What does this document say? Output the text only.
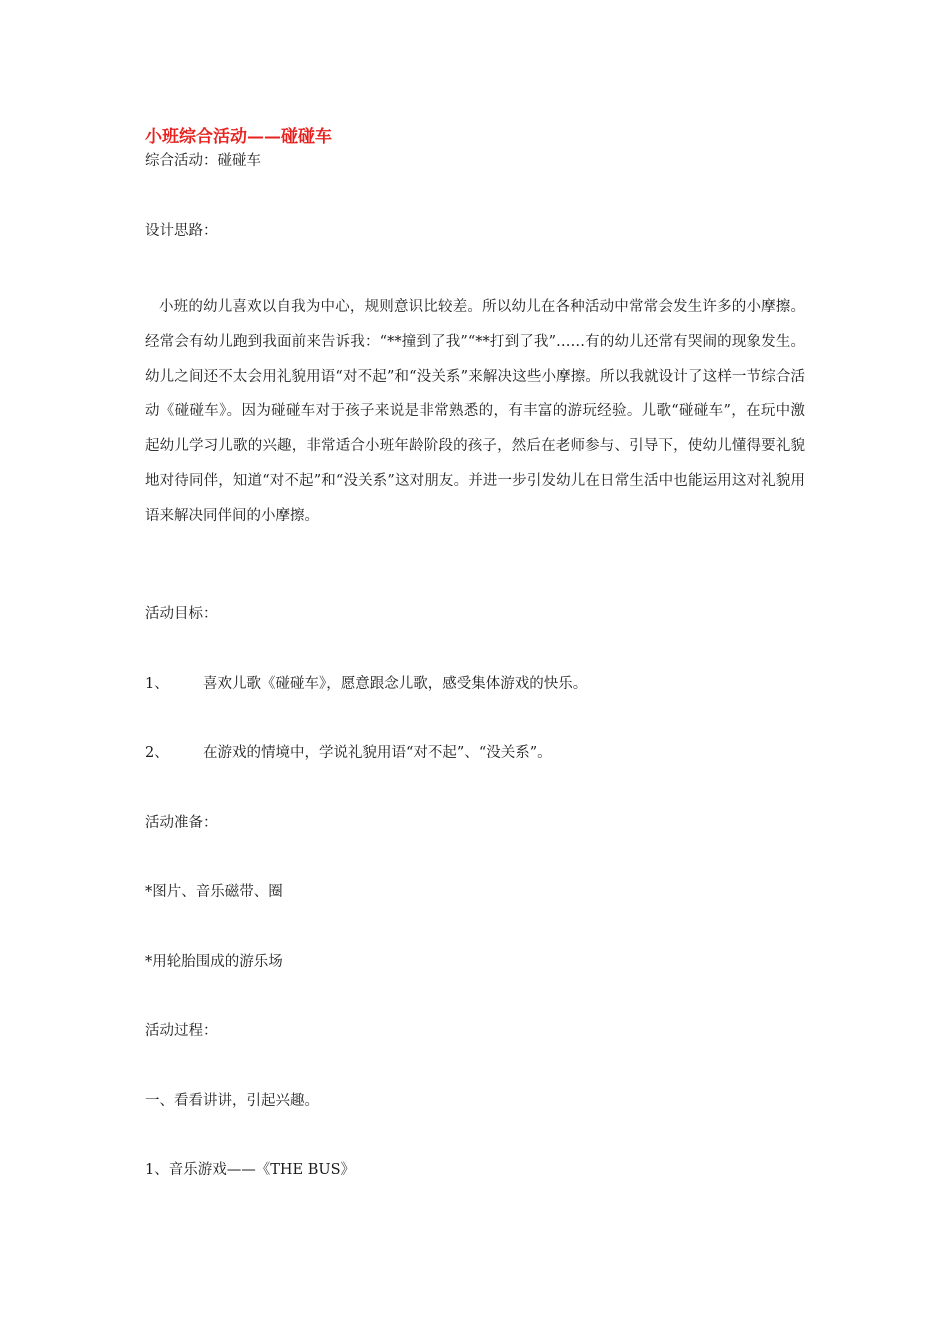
小班综合活动——碰碰车

综合活动：碰碰车

设计思路：

小班的幼儿喜欢以自我为中心，规则意识比较差。所以幼儿在各种活动中常常会发生许多的小摩擦。经常会有幼儿跑到我面前来告诉我：“**撞到了我”“**打到了我”……有的幼儿还常有哭闹的现象发生。幼儿之间还不太会用礼貌用语“对不起”和“没关系”来解决这些小摩擦。所以我就设计了这样一节综合活动《碰碰车》。因为碰碰车对于孩子来说是非常熟悉的，有丰富的游玩经验。儿歌“碰碰车”，在玩中激起幼儿学习儿歌的兴趣，非常适合小班年龄阶段的孩子，然后在老师参与、引导下，使幼儿懂得要礼貌地对待同伴，知道“对不起”和“没关系”这对朋友。并进一步引发幼儿在日常生活中也能运用这对礼貌用语来解决同伴间的小摩擦。

活动目标：

1、 喜欢儿歌《碰碰车》，愿意跟念儿歌，感受集体游戏的快乐。
2、 在游戏的情境中，学说礼貌用语“对不起”、“没关系”。

活动准备：

*图片、音乐磁带、圈

*用轮胎围成的游乐场

活动过程：

一、看看讲讲，引起兴趣。

1、音乐游戏——《THE BUS》
